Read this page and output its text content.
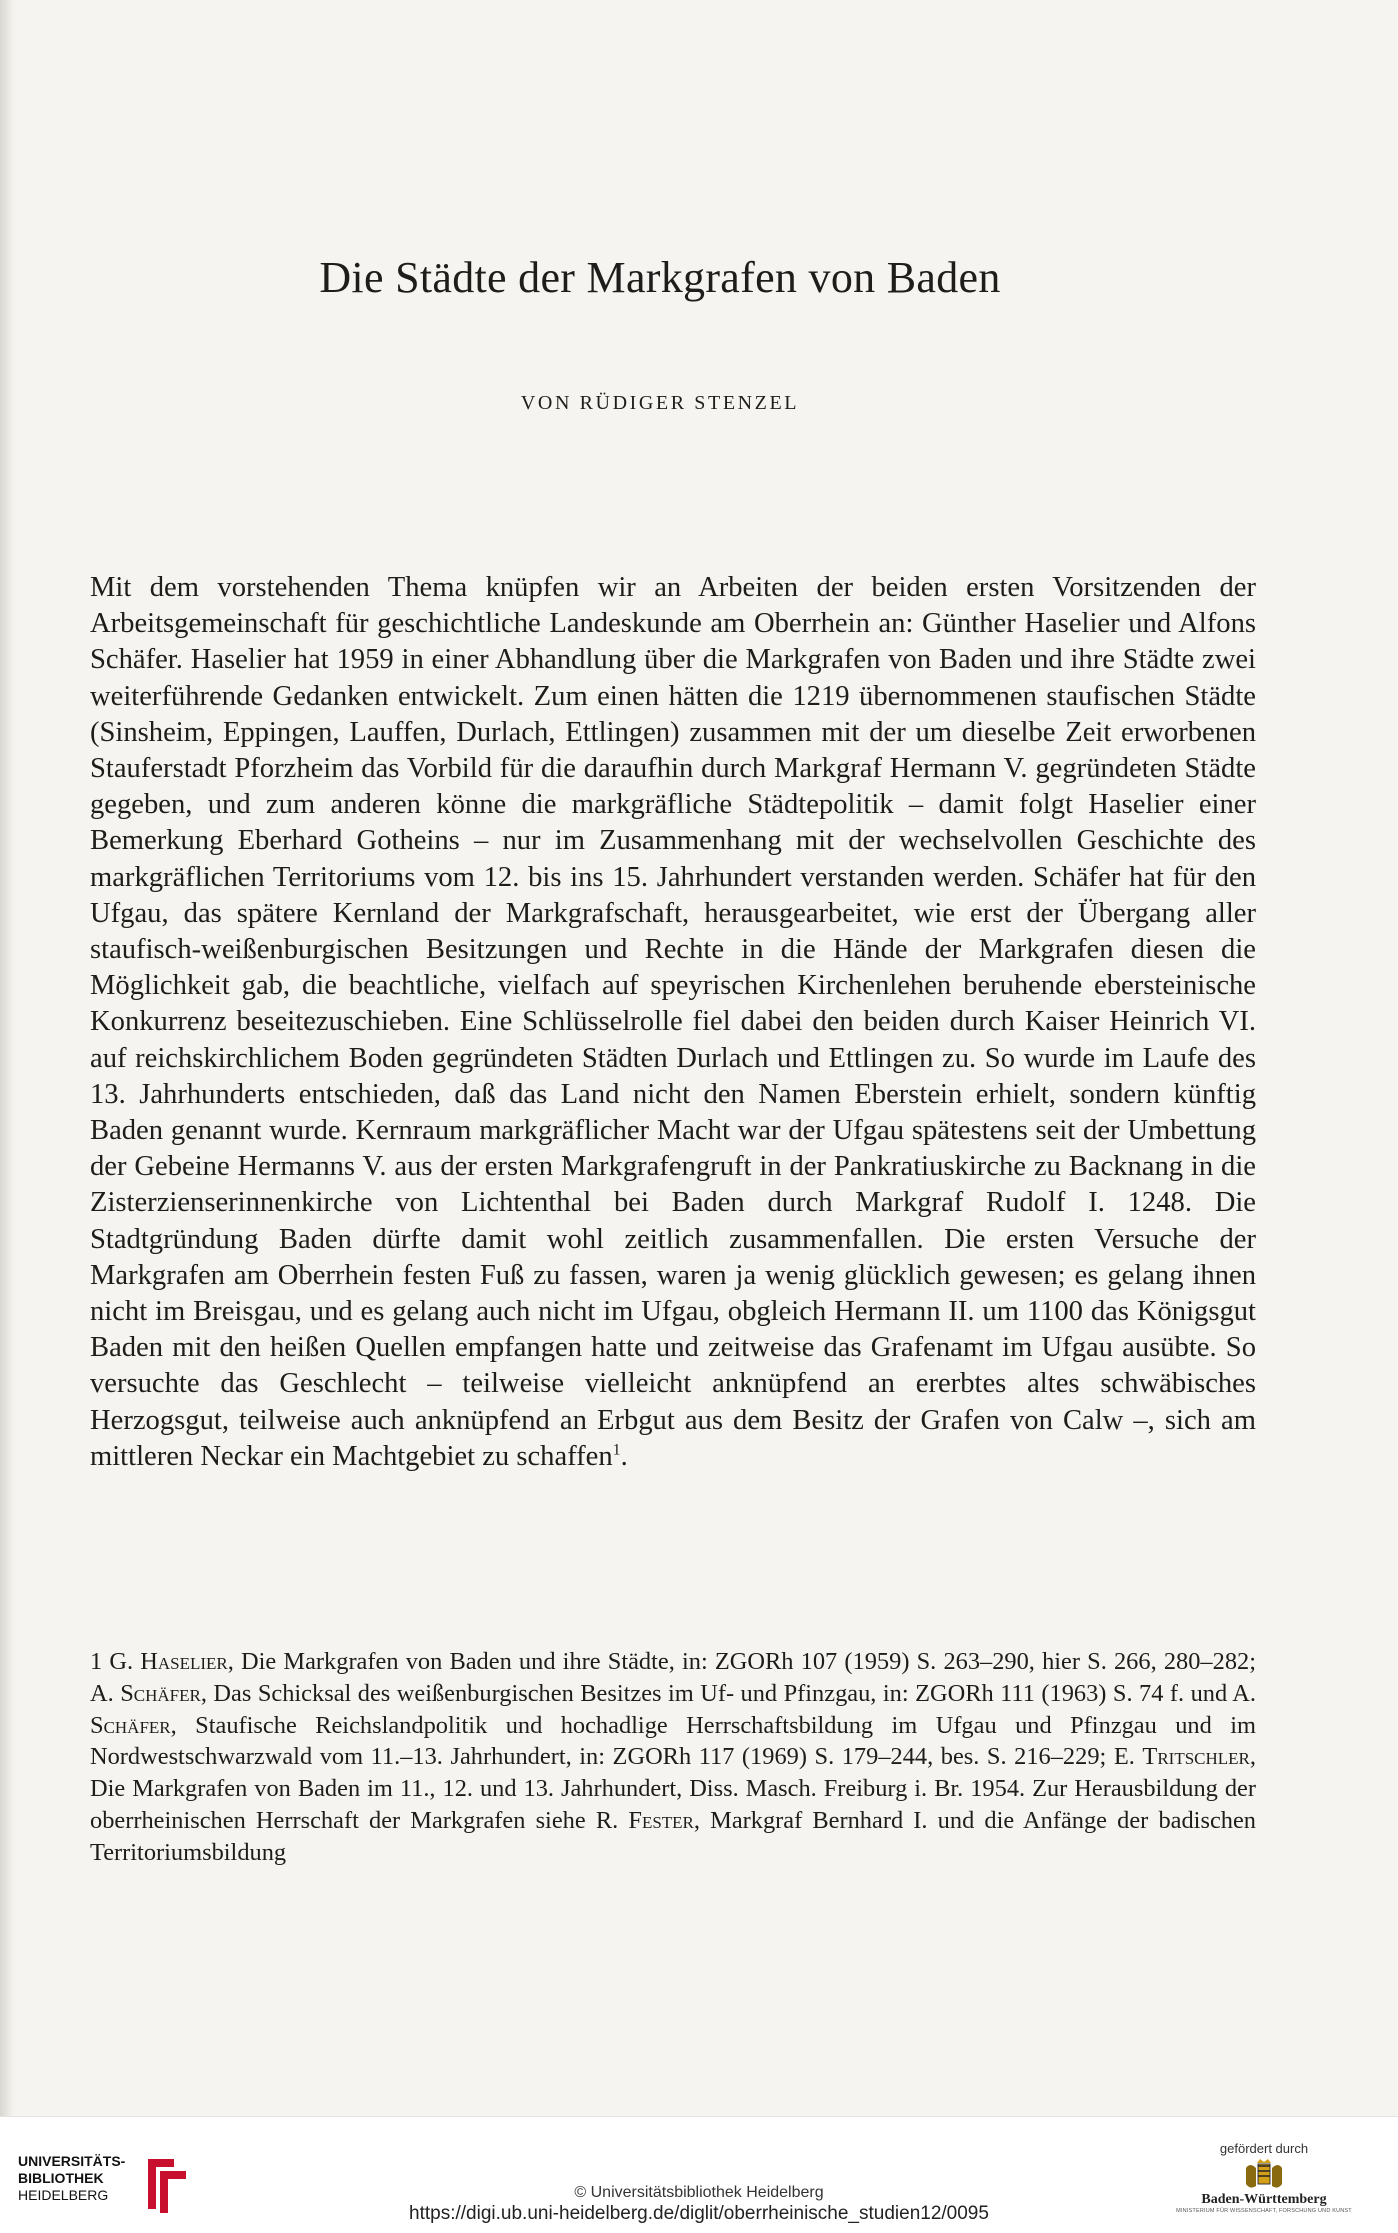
Die Städte der Markgrafen von Baden
VON RÜDIGER STENZEL

Mit dem vorstehenden Thema knüpfen wir an Arbeiten der beiden ersten Vorsitzenden der Arbeitsgemeinschaft für geschichtliche Landeskunde am Oberrhein an: Günther Haselier und Alfons Schäfer. Haselier hat 1959 in einer Abhandlung über die Markgrafen von Baden und ihre Städte zwei weiterführende Gedanken entwickelt. Zum einen hätten die 1219 übernommenen staufischen Städte (Sinsheim, Eppingen, Lauffen, Durlach, Ettlingen) zusammen mit der um dieselbe Zeit erworbenen Stauferstadt Pforzheim das Vorbild für die daraufhin durch Markgraf Hermann V. gegründeten Städte gegeben, und zum anderen könne die markgräfliche Städtepolitik – damit folgt Haselier einer Bemerkung Eberhard Gotheins – nur im Zusammenhang mit der wechselvollen Geschichte des markgräflichen Territoriums vom 12. bis ins 15. Jahrhundert verstanden werden. Schäfer hat für den Ufgau, das spätere Kernland der Markgrafschaft, herausgearbeitet, wie erst der Übergang aller staufisch-weißenburgischen Besitzungen und Rechte in die Hände der Markgrafen diesen die Möglichkeit gab, die beachtliche, vielfach auf speyrischen Kirchenlehen beruhende ebersteinische Konkurrenz beseitezuschieben. Eine Schlüsselrolle fiel dabei den beiden durch Kaiser Heinrich VI. auf reichskirchlichem Boden gegründeten Städten Durlach und Ettlingen zu. So wurde im Laufe des 13. Jahrhunderts entschieden, daß das Land nicht den Namen Eberstein erhielt, sondern künftig Baden genannt wurde. Kernraum markgräflicher Macht war der Ufgau spätestens seit der Umbettung der Gebeine Hermanns V. aus der ersten Markgrafengruft in der Pankratiuskirche zu Backnang in die Zisterzienserinnenkirche von Lichtenthal bei Baden durch Markgraf Rudolf I. 1248. Die Stadtgründung Baden dürfte damit wohl zeitlich zusammenfallen. Die ersten Versuche der Markgrafen am Oberrhein festen Fuß zu fassen, waren ja wenig glücklich gewesen; es gelang ihnen nicht im Breisgau, und es gelang auch nicht im Ufgau, obgleich Hermann II. um 1100 das Königsgut Baden mit den heißen Quellen empfangen hatte und zeitweise das Grafenamt im Ufgau ausübte. So versuchte das Geschlecht – teilweise vielleicht anknüpfend an ererbtes altes schwäbisches Herzogsgut, teilweise auch anknüpfend an Erbgut aus dem Besitz der Grafen von Calw –, sich am mittleren Neckar ein Machtgebiet zu schaffen$^1$.

1 G. Haselier, Die Markgrafen von Baden und ihre Städte, in: ZGORh 107 (1959) S. 263–290, hier S. 266, 280–282; A. Schäfer, Das Schicksal des weißenburgischen Besitzes im Uf- und Pfinzgau, in: ZGORh 111 (1963) S. 74 f. und A. Schäfer, Staufische Reichslandpolitik und hochadlige Herrschaftsbildung im Ufgau und Pfinzgau und im Nordwestschwarzwald vom 11.–13. Jahrhundert, in: ZGORh 117 (1969) S. 179–244, bes. S. 216–229; E. Tritschler, Die Markgrafen von Baden im 11., 12. und 13. Jahrhundert, Diss. Masch. Freiburg i. Br. 1954. Zur Herausbildung der oberrheinischen Herrschaft der Markgrafen siehe R. Fester, Markgraf Bernhard I. und die Anfänge der badischen Territoriumsbildung

UNIVERSITÄTS-
BIBLIOTHEK
HEIDELBERG	© Universitätsbibliothek Heidelberg
https://digi.ub.uni-heidelberg.de/diglit/oberrheinische_studien12/0095
gefördert durch
Baden-Württemberg
MINISTERIUM FÜR WISSENSCHAFT, FORSCHUNG UND KUNST
